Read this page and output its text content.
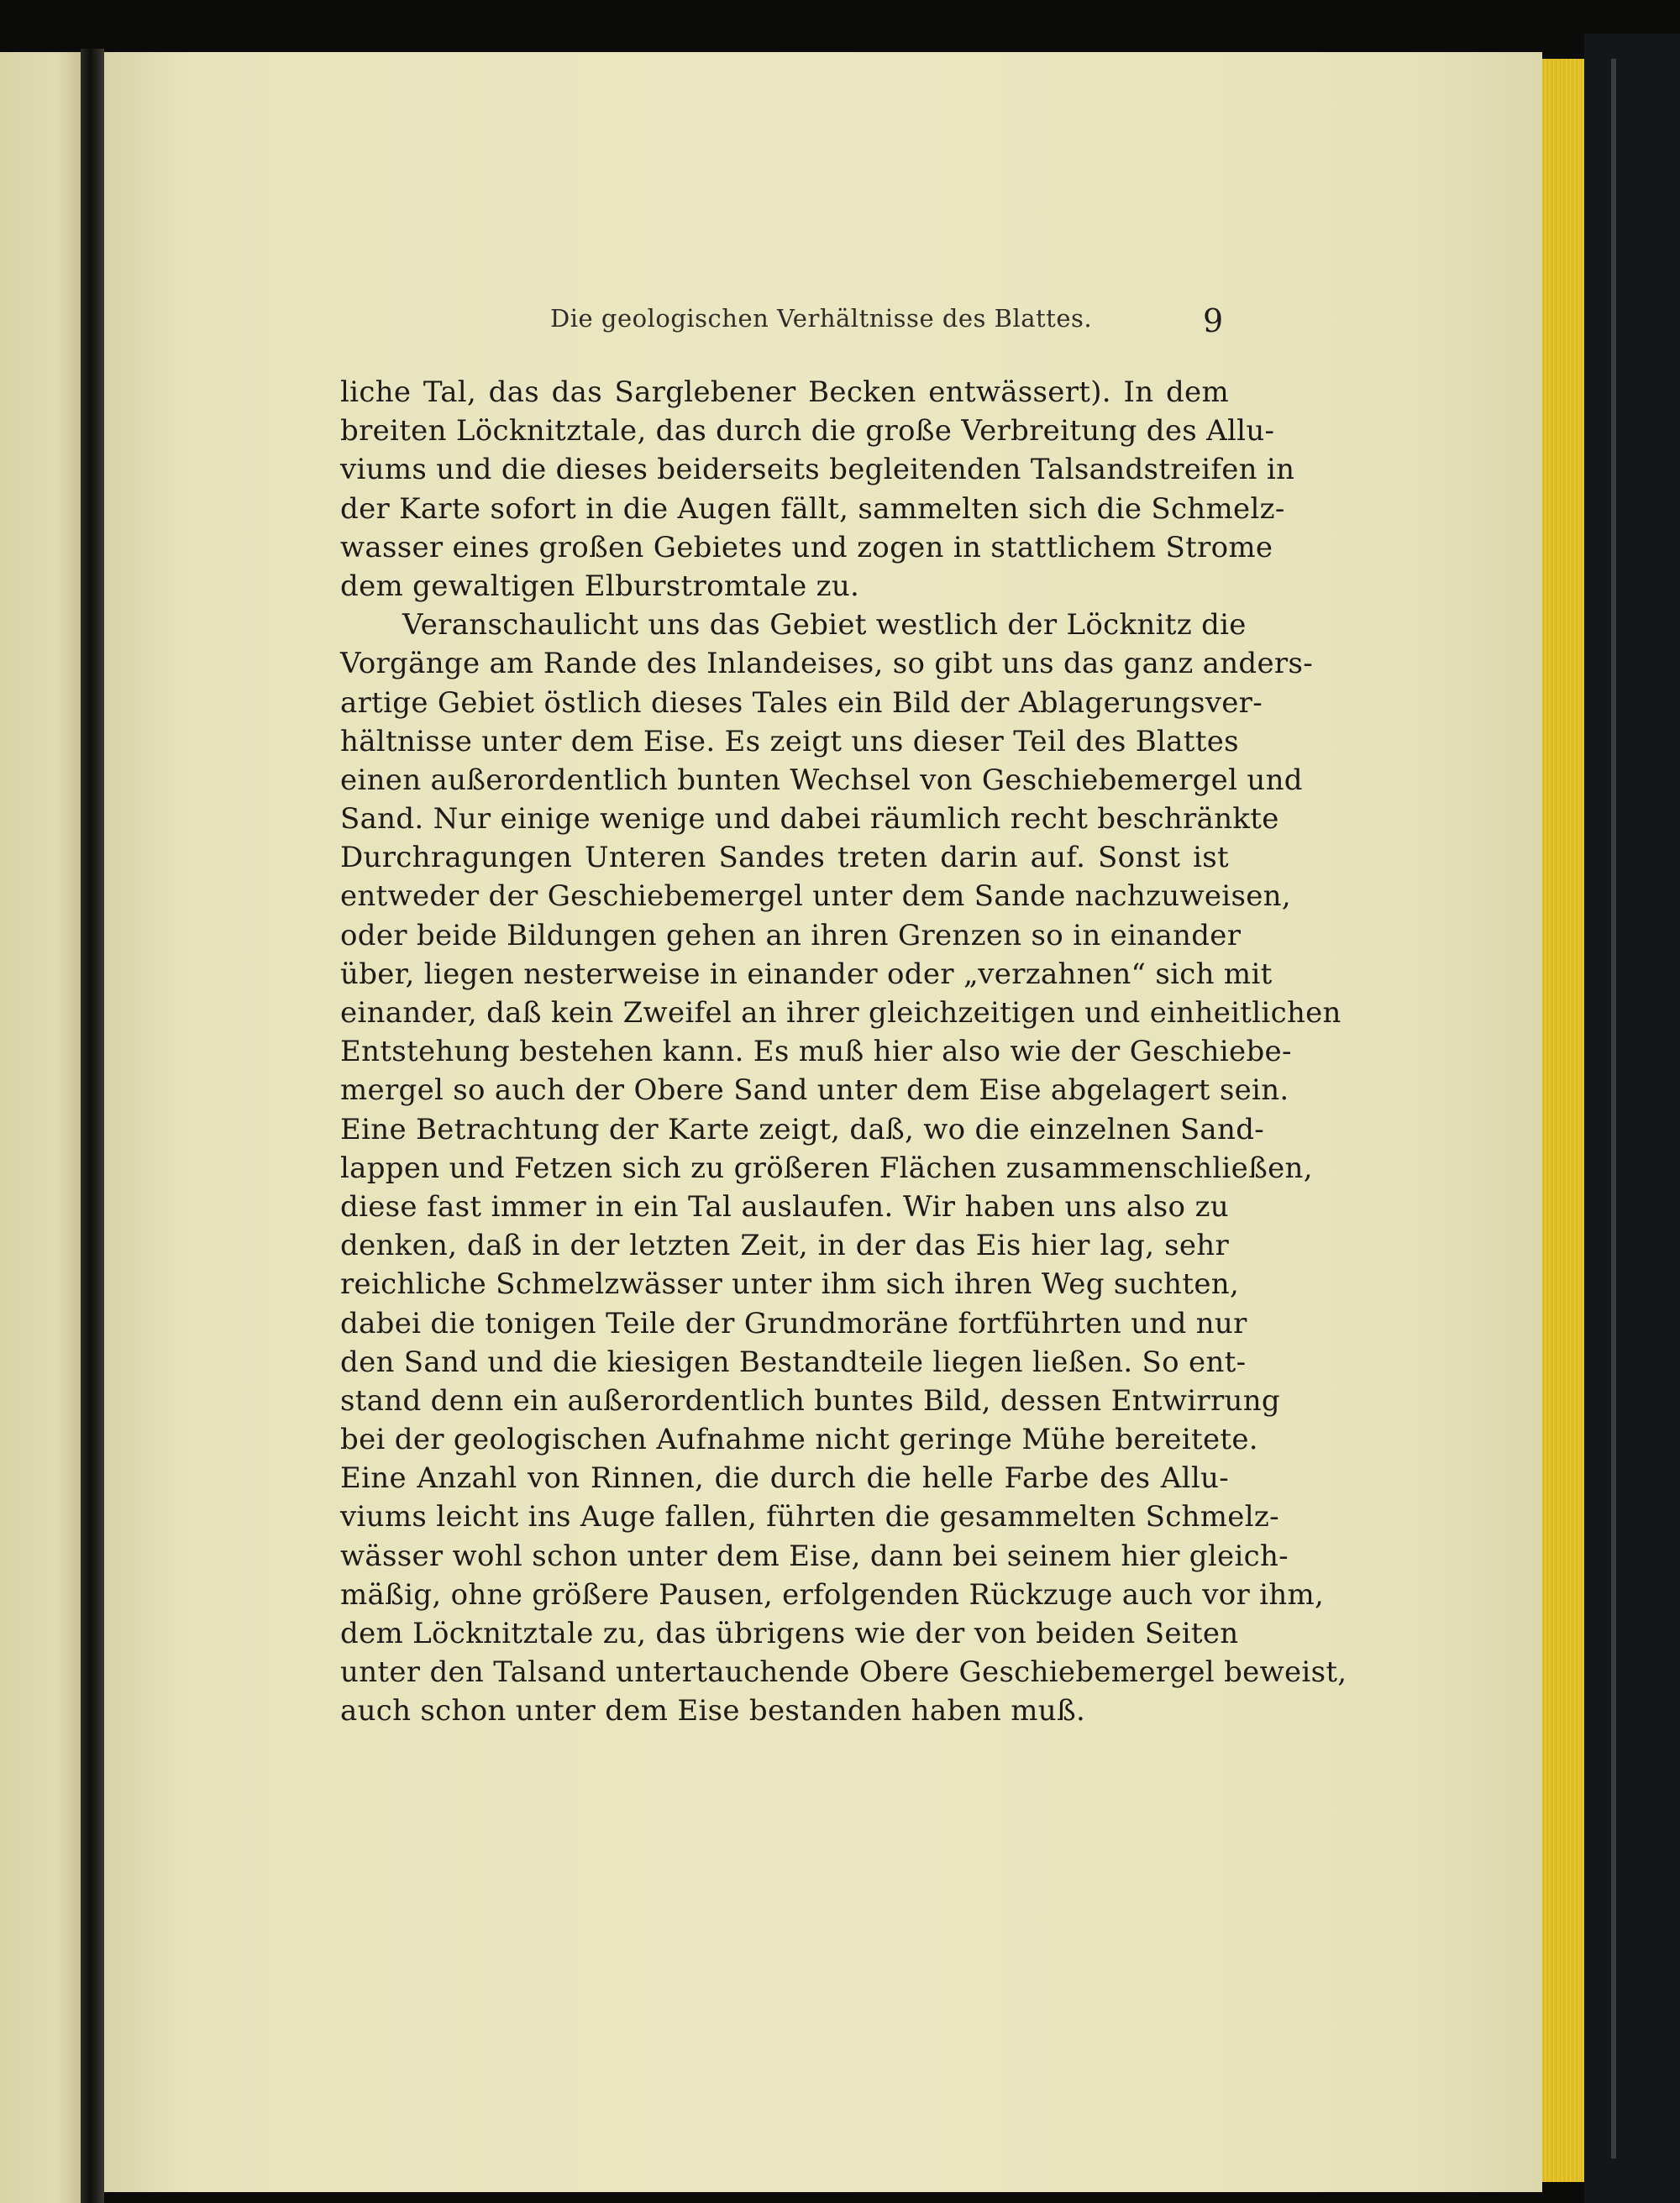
Die geologischen Verhältnisse des Blattes.	9
liche Tal, das das Sarglebener Becken entwässert). In dem
breiten Löcknitztale, das durch die große Verbreitung des Allu-
viums und die dieses beiderseits begleitenden Talsandstreifen in
der Karte sofort in die Augen fällt, sammelten sich die Schmelz-
wasser eines großen Gebietes und zogen in stattlichem Strome
dem gewaltigen Elburstromtale zu.
Veranschaulicht uns das Gebiet westlich der Löcknitz die
Vorgänge am Rande des Inlandeises, so gibt uns das ganz anders-
artige Gebiet östlich dieses Tales ein Bild der Ablagerungsver-
hältnisse unter dem Eise. Es zeigt uns dieser Teil des Blattes
einen außerordentlich bunten Wechsel von Geschiebemergel und
Sand. Nur einige wenige und dabei räumlich recht beschränkte
Durchragungen Unteren Sandes treten darin auf. Sonst ist
entweder der Geschiebemergel unter dem Sande nachzuweisen,
oder beide Bildungen gehen an ihren Grenzen so in einander
über, liegen nesterweise in einander oder „verzahnen“ sich mit
einander, daß kein Zweifel an ihrer gleichzeitigen und einheitlichen
Entstehung bestehen kann. Es muß hier also wie der Geschiebe-
mergel so auch der Obere Sand unter dem Eise abgelagert sein.
Eine Betrachtung der Karte zeigt, daß, wo die einzelnen Sand-
lappen und Fetzen sich zu größeren Flächen zusammenschließen,
diese fast immer in ein Tal auslaufen. Wir haben uns also zu
denken, daß in der letzten Zeit, in der das Eis hier lag, sehr
reichliche Schmelzwässer unter ihm sich ihren Weg suchten,
dabei die tonigen Teile der Grundmoräne fortführten und nur
den Sand und die kiesigen Bestandteile liegen ließen. So ent-
stand denn ein außerordentlich buntes Bild, dessen Entwirrung
bei der geologischen Aufnahme nicht geringe Mühe bereitete.
Eine Anzahl von Rinnen, die durch die helle Farbe des Allu-
viums leicht ins Auge fallen, führten die gesammelten Schmelz-
wässer wohl schon unter dem Eise, dann bei seinem hier gleich-
mäßig, ohne größere Pausen, erfolgenden Rückzuge auch vor ihm,
dem Löcknitztale zu, das übrigens wie der von beiden Seiten
unter den Talsand untertauchende Obere Geschiebemergel beweist,
auch schon unter dem Eise bestanden haben muß.
